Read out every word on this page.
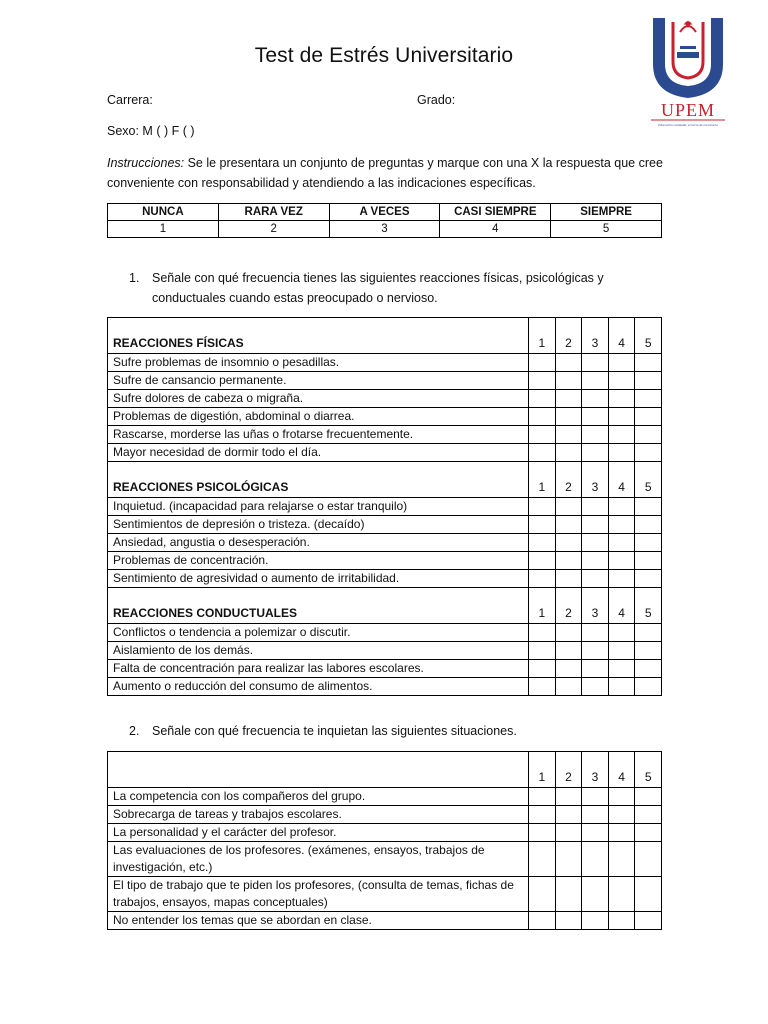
Test de Estrés Universitario
UPEM
Educación realizada, servicio de excelencia
Carrera:	Grado:
Sexo: M ( ) F ( )
Instrucciones: Se le presentara un conjunto de preguntas y marque con una X la respuesta que cree conveniente con responsabilidad y atendiendo a las indicaciones específicas.
NUNCA	RARA VEZ	A VECES	CASI SIEMPRE	SIEMPRE
1	2	3	4	5
1. Señale con qué frecuencia tienes las siguientes reacciones físicas, psicológicas y conductuales cuando estas preocupado o nervioso.
REACCIONES FÍSICAS	1	2	3	4	5
Sufre problemas de insomnio o pesadillas.					
Sufre de cansancio permanente.					
Sufre dolores de cabeza o migraña.					
Problemas de digestión, abdominal o diarrea.					
Rascarse, morderse las uñas o frotarse frecuentemente.					
Mayor necesidad de dormir todo el día.					
REACCIONES PSICOLÓGICAS	1	2	3	4	5
Inquietud. (incapacidad para relajarse o estar tranquilo)					
Sentimientos de depresión o tristeza. (decaído)					
Ansiedad, angustia o desesperación.					
Problemas de concentración.					
Sentimiento de agresividad o aumento de irritabilidad.					
REACCIONES CONDUCTUALES	1	2	3	4	5
Conflictos o tendencia a polemizar o discutir.					
Aislamiento de los demás.					
Falta de concentración para realizar las labores escolares.					
Aumento o reducción del consumo de alimentos.					
2. Señale con qué frecuencia te inquietan las siguientes situaciones.
	1	2	3	4	5
La competencia con los compañeros del grupo.					
Sobrecarga de tareas y trabajos escolares.					
La personalidad y el carácter del profesor.					
Las evaluaciones de los profesores. (exámenes, ensayos, trabajos de investigación, etc.)					
El tipo de trabajo que te piden los profesores, (consulta de temas, fichas de trabajos, ensayos, mapas conceptuales)					
No entender los temas que se abordan en clase.					
